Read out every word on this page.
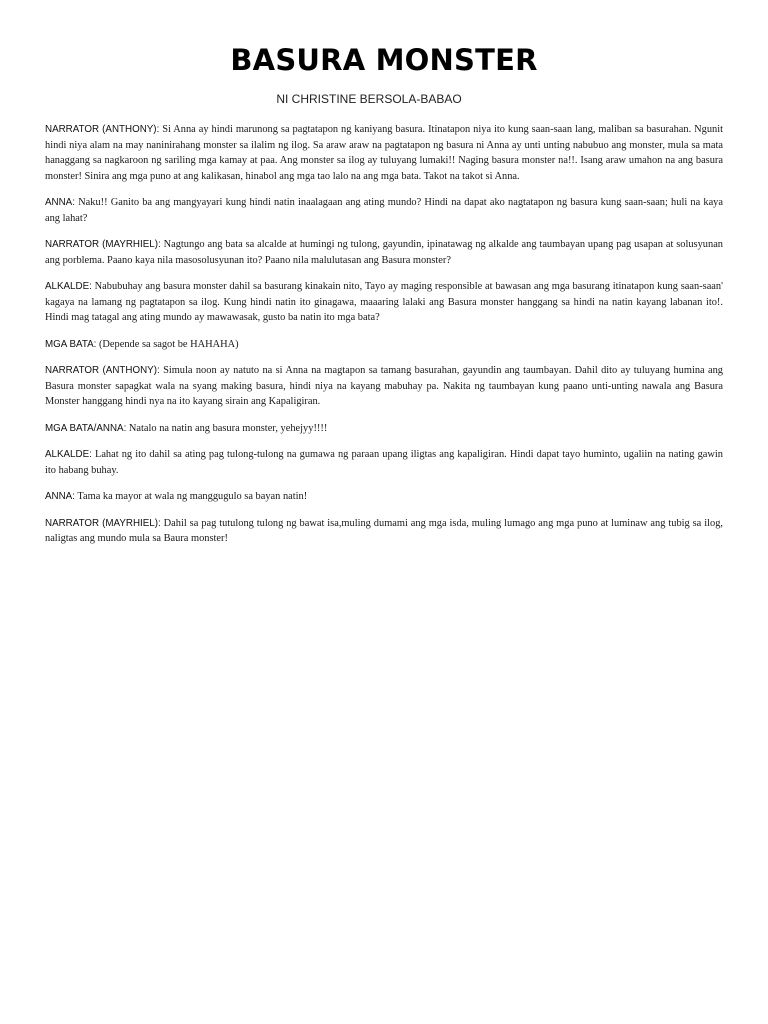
BASURA MONSTER
NI CHRISTINE BERSOLA-BABAO

NARRATOR (ANTHONY): Si Anna ay hindi marunong sa pagtatapon ng kaniyang basura. Itinatapon niya ito kung saan-saan lang, maliban sa basurahan. Ngunit hindi niya alam na may naninirahang monster sa ilalim ng ilog. Sa araw araw na pagtatapon ng basura ni Anna ay unti unting nabubuo ang monster, mula sa mata hanaggang sa nagkaroon ng sariling mga kamay at paa. Ang monster sa ilog ay tuluyang lumaki!! Naging basura monster na!!. Isang araw umahon na ang basura monster! Sinira ang mga puno at ang kalikasan, hinabol ang mga tao lalo na ang mga bata. Takot na takot si Anna.

ANNA: Naku!! Ganito ba ang mangyayari kung hindi natin inaalagaan ang ating mundo? Hindi na dapat ako nagtatapon ng basura kung saan-saan; huli na kaya ang lahat?

NARRATOR (MAYRHIEL): Nagtungo ang bata sa alcalde at humingi ng tulong, gayundin, ipinatawag ng alkalde ang taumbayan upang pag usapan at solusyunan ang porblema. Paano kaya nila masosolusyunan ito? Paano nila malulutasan ang Basura monster?

ALKALDE: Nabubuhay ang basura monster dahil sa basurang kinakain nito, Tayo ay maging responsible at bawasan ang mga basurang itinatapon kung saan-saan' kagaya na lamang ng pagtatapon sa ilog. Kung hindi natin ito ginagawa, maaaring lalaki ang Basura monster hanggang sa hindi na natin kayang labanan ito!. Hindi mag tatagal ang ating mundo ay mawawasak, gusto ba natin ito mga bata?

MGA BATA: (Depende sa sagot be HAHAHA)

NARRATOR (ANTHONY): Simula noon ay natuto na si Anna na magtapon sa tamang basurahan, gayundin ang taumbayan. Dahil dito ay tuluyang humina ang Basura monster sapagkat wala na syang making basura, hindi niya na kayang mabuhay pa. Nakita ng taumbayan kung paano unti-unting nawala ang Basura Monster hanggang hindi nya na ito kayang sirain ang Kapaligiran.

MGA BATA/ANNA: Natalo na natin ang basura monster, yehejyy!!!!

ALKALDE: Lahat ng ito dahil sa ating pag tulong-tulong na gumawa ng paraan upang iligtas ang kapaligiran. Hindi dapat tayo huminto, ugaliin na nating gawin ito habang buhay.

ANNA: Tama ka mayor at wala ng manggugulo sa bayan natin!

NARRATOR (MAYRHIEL): Dahil sa pag tutulong tulong ng bawat isa,muling dumami ang mga isda, muling lumago ang mga puno at luminaw ang tubig sa ilog, naligtas ang mundo mula sa Baura monster!
